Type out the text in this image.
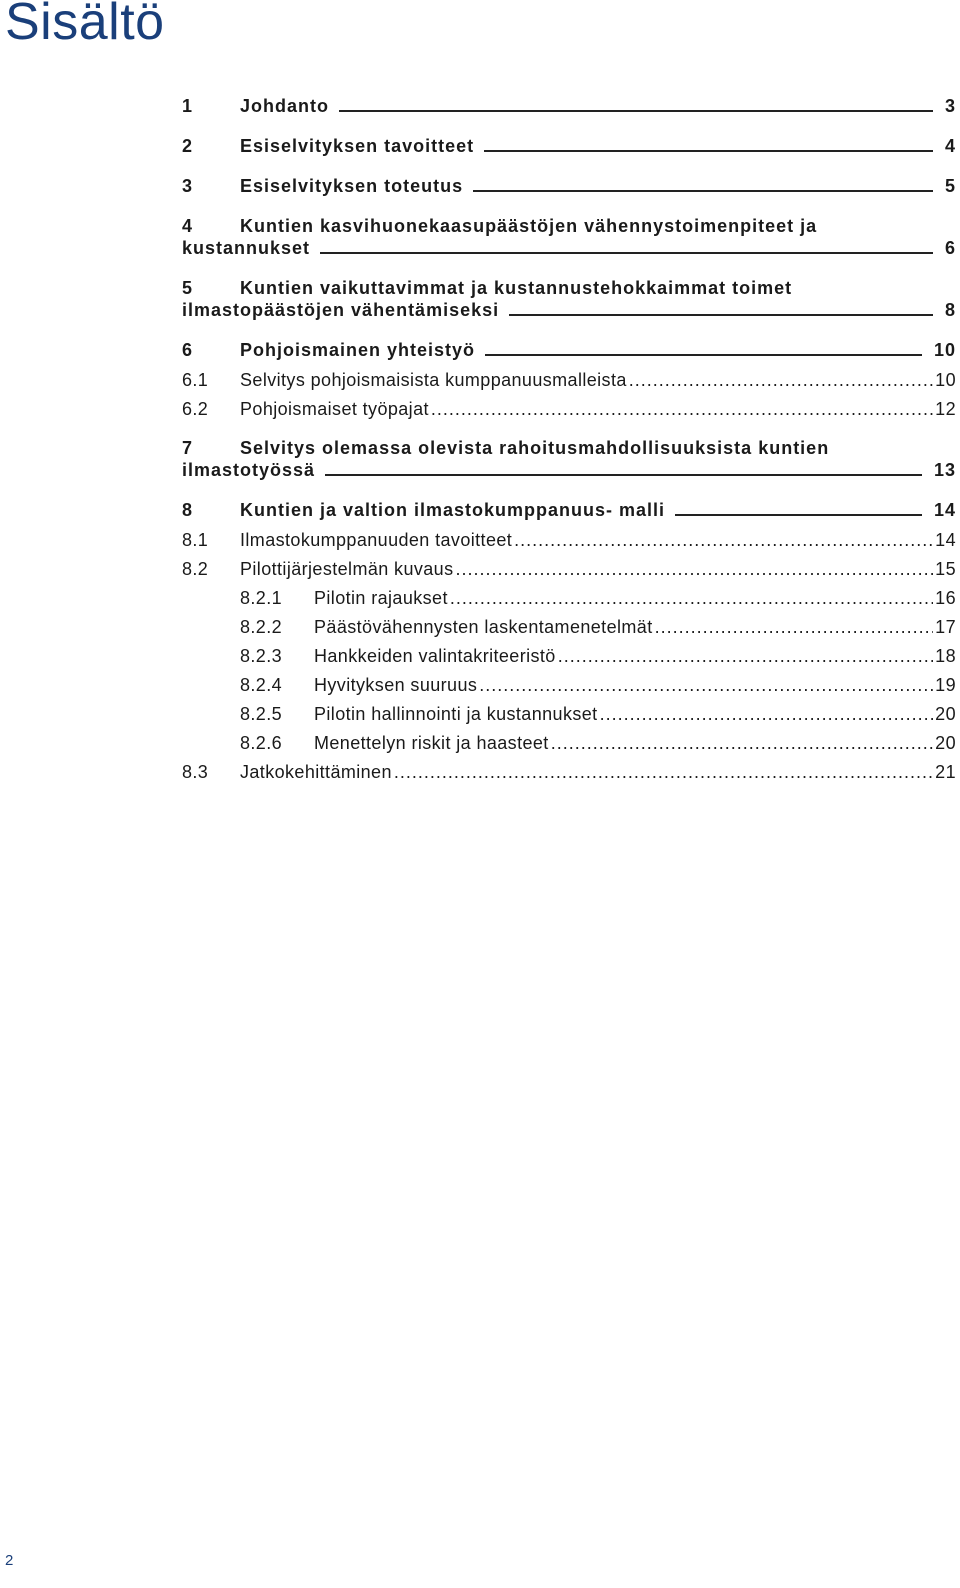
Sisältö
1	Johdanto	3
2	Esiselvityksen tavoitteet	4
3	Esiselvityksen toteutus	5
4	Kuntien kasvihuonekaasupäästöjen vähennystoimenpiteet ja
kustannukset	6
5	Kuntien vaikuttavimmat ja kustannustehokkaimmat toimet
ilmastopäästöjen vähentämiseksi	8
6	Pohjoismainen yhteistyö	10
6.1	Selvitys pohjoismaisista kumppanuusmalleista .....	10
6.2	Pohjoismaiset työpajat .....	12
7	Selvitys olemassa olevista rahoitusmahdollisuuksista kuntien
ilmastotyössä	13
8	Kuntien ja valtion ilmastokumppanuus- malli	14
8.1	Ilmastokumppanuuden tavoitteet .....	14
8.2	Pilottijärjestelmän kuvaus .....	15
8.2.1	Pilotin rajaukset .....	16
8.2.2	Päästövähennysten laskentamenetelmät .....	17
8.2.3	Hankkeiden valintakriteeristö .....	18
8.2.4	Hyvityksen suuruus .....	19
8.2.5	Pilotin hallinnointi ja kustannukset .....	20
8.2.6	Menettelyn riskit ja haasteet .....	20
8.3	Jatkokehittäminen .....	21
2
